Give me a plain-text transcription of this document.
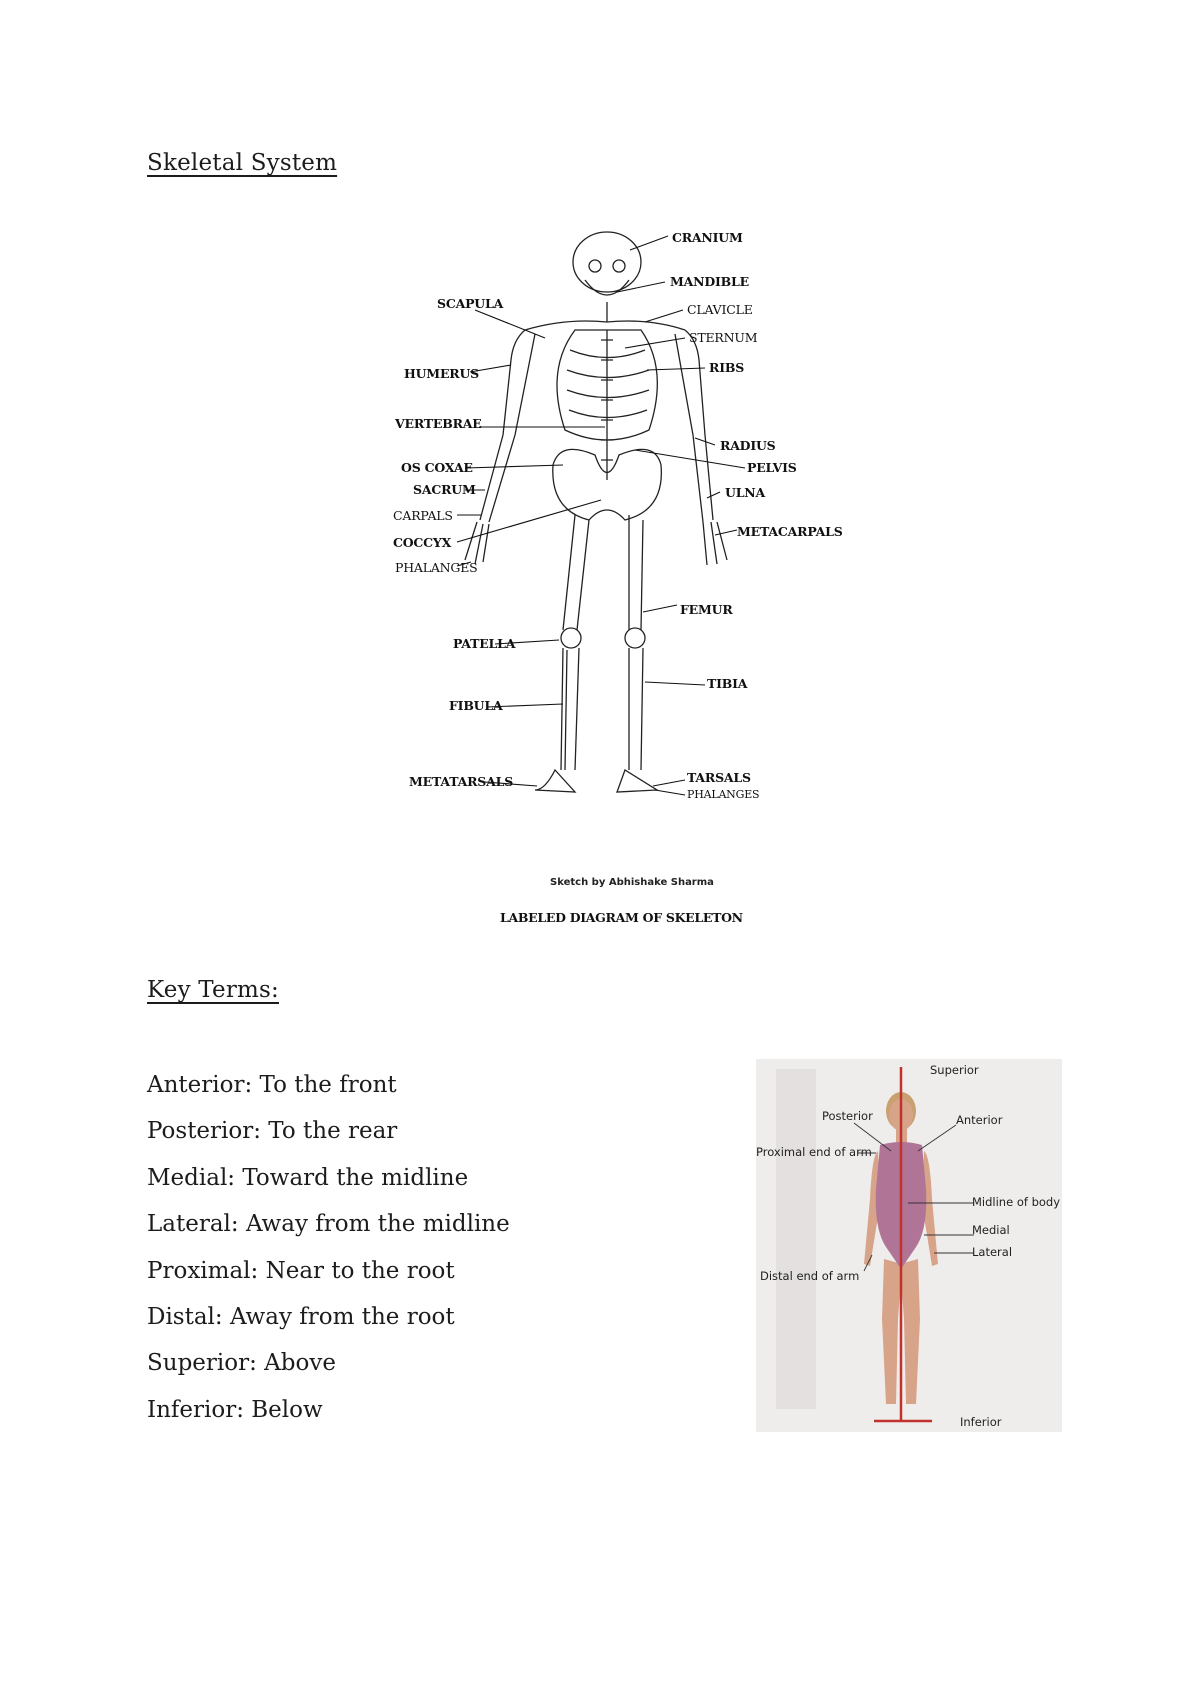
Skeletal System
CRANIUM
MANDIBLE
CLAVICLE
STERNUM
RIBS
SCAPULA
HUMERUS
VERTEBRAE
RADIUS
OS COXAE	PELVIS
SACRUM	ULNA
CARPALS
METACARPALS
COCCYX
PHALANGES
FEMUR
PATELLA
TIBIA
FIBULA
METATARSALS	TARSALS
PHALANGES
Sketch by Abhishake Sharma
LABELED DIAGRAM OF SKELETON
Key Terms:
Anterior: To the front
Posterior: To the rear
Medial: Toward the midline
Lateral: Away from the midline
Proximal: Near to the root
Distal: Away from the root
Superior: Above
Inferior: Below
Superior
Posterior	Anterior
Proximal end of arm
Midline of body
Medial
Lateral
Distal end of arm
Inferior
